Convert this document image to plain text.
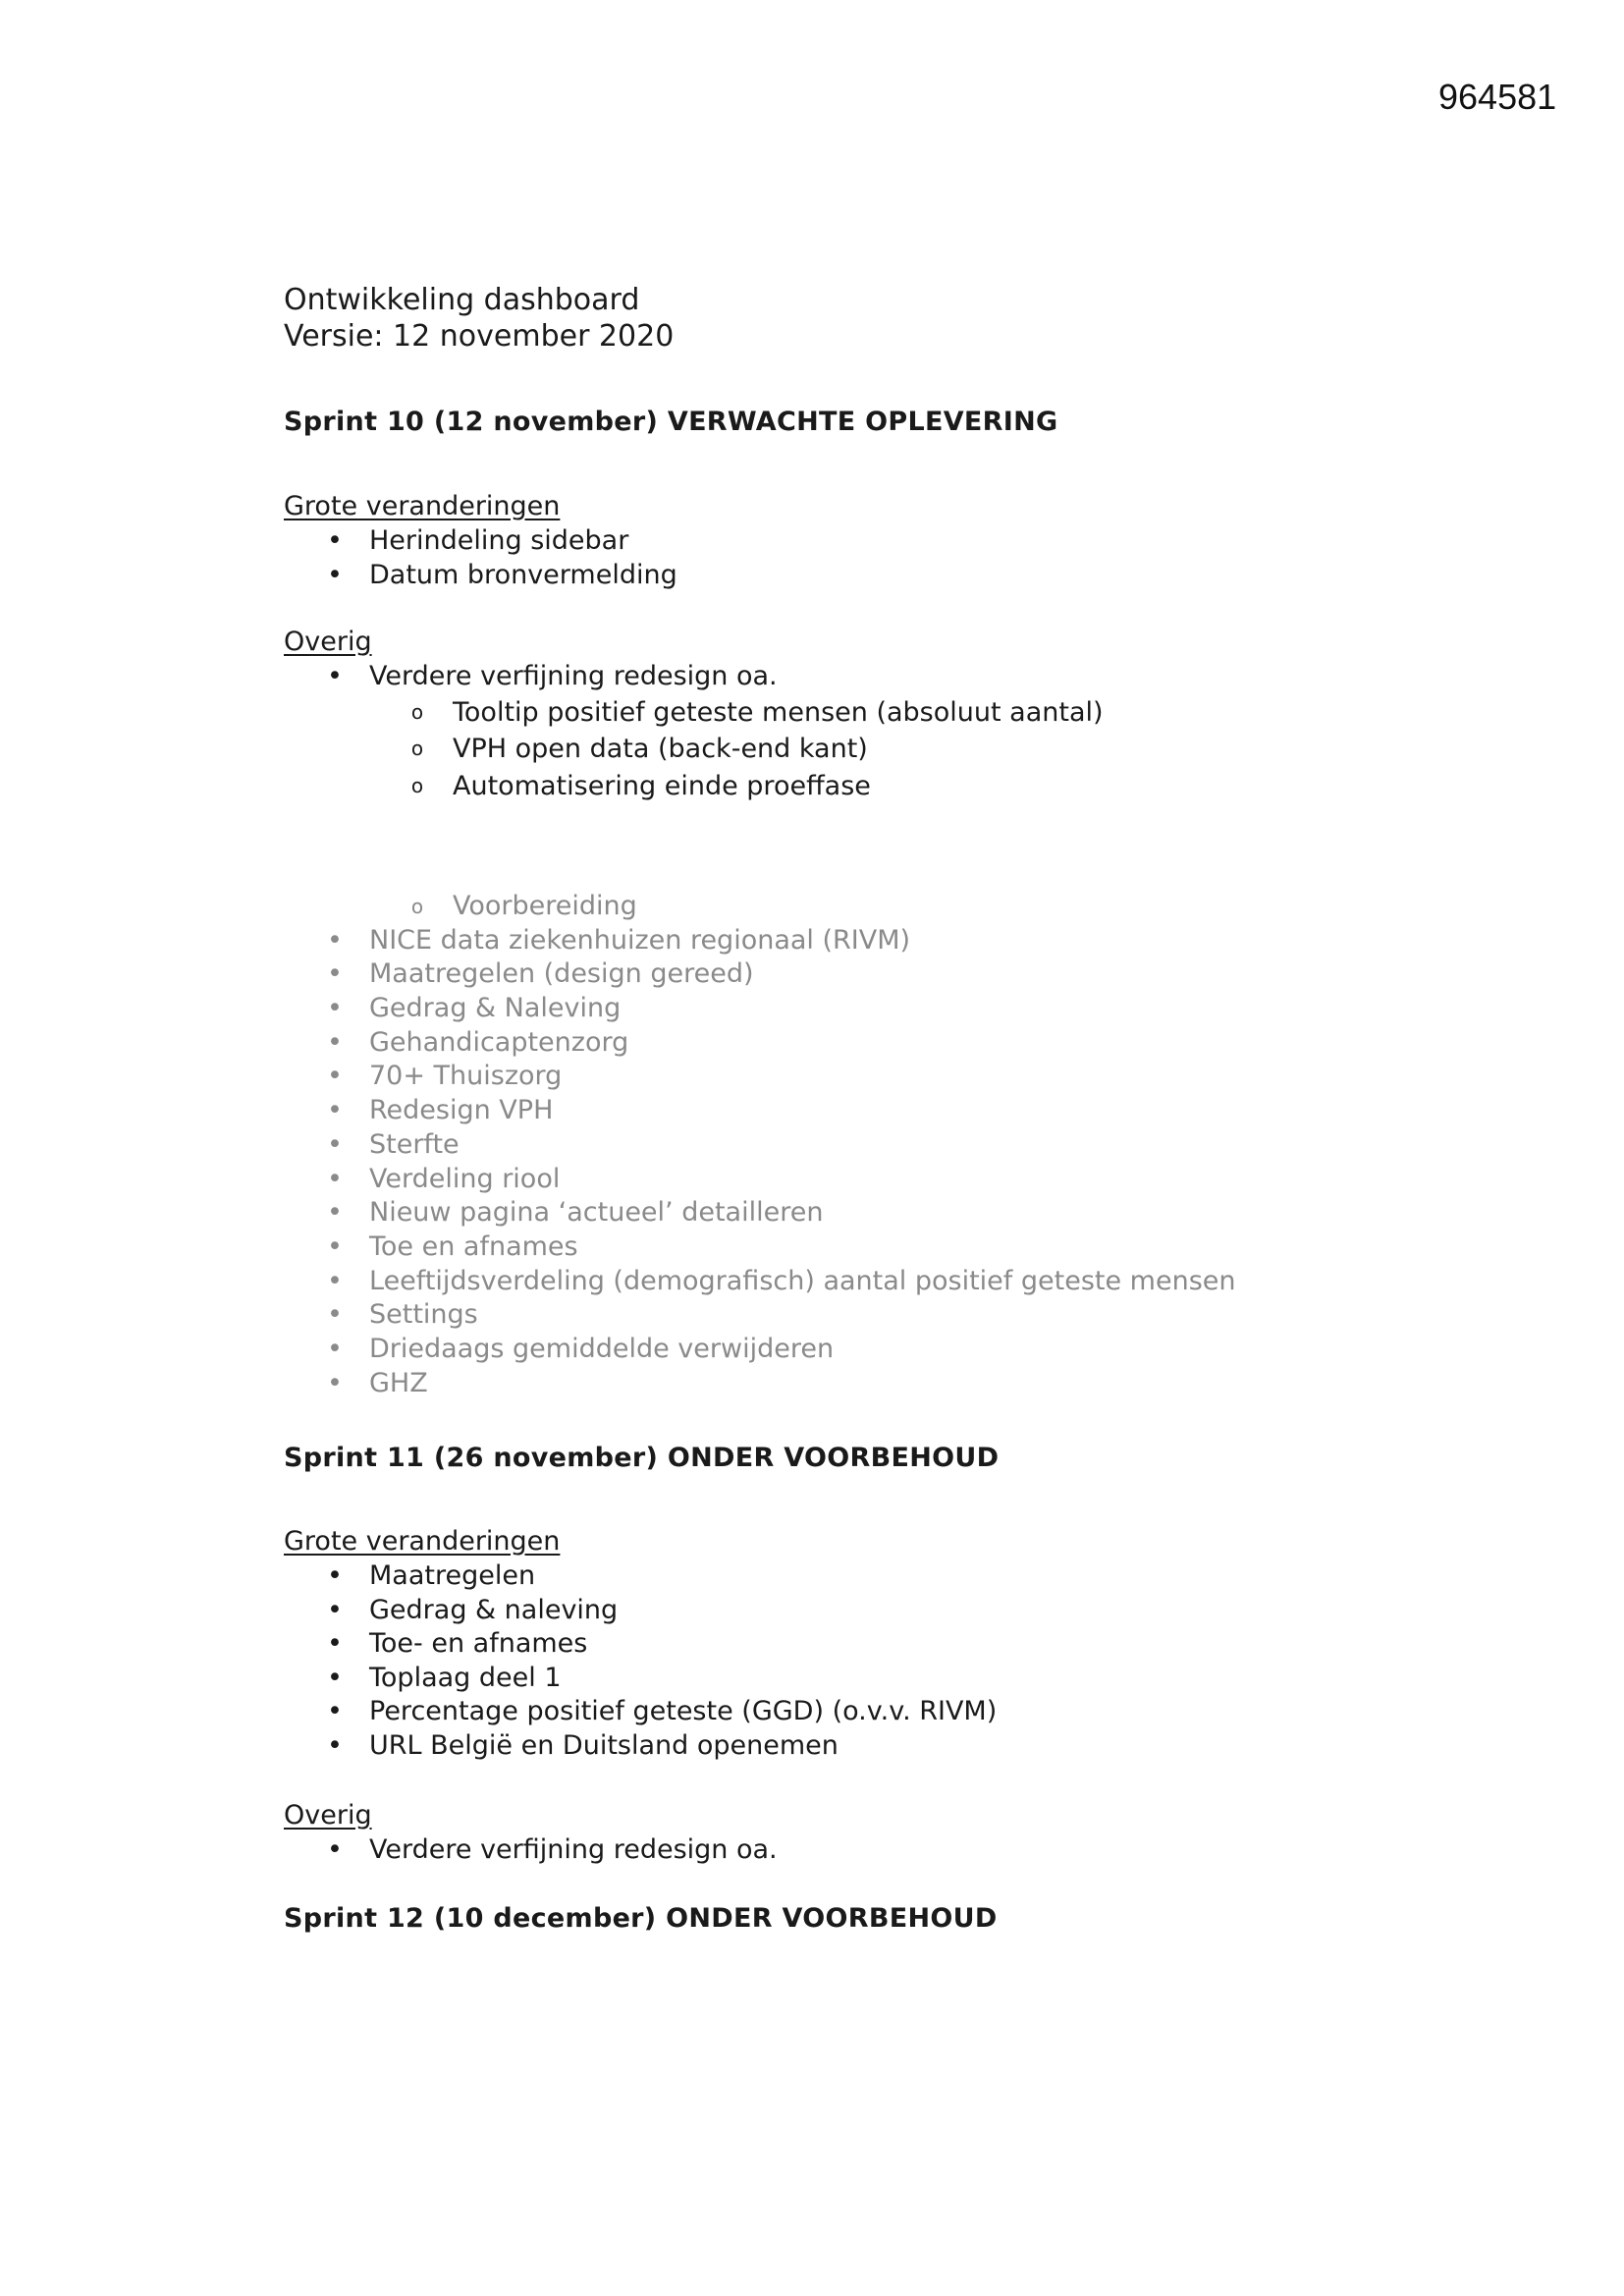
964581
Ontwikkeling dashboard
Versie: 12 november 2020
Sprint 10 (12 november) VERWACHTE OPLEVERING
Grote veranderingen
• Herindeling sidebar
• Datum bronvermelding
Overig
• Verdere verfijning redesign oa.
o Tooltip positief geteste mensen (absoluut aantal)
o VPH open data (back-end kant)
o Automatisering einde proeffase
o Voorbereiding
• NICE data ziekenhuizen regionaal (RIVM)
• Maatregelen (design gereed)
• Gedrag & Naleving
• Gehandicaptenzorg
• 70+ Thuiszorg
• Redesign VPH
• Sterfte
• Verdeling riool
• Nieuw pagina ‘actueel’ detailleren
• Toe en afnames
• Leeftijdsverdeling (demografisch) aantal positief geteste mensen
• Settings
• Driedaags gemiddelde verwijderen
• GHZ
Sprint 11 (26 november) ONDER VOORBEHOUD
Grote veranderingen
• Maatregelen
• Gedrag & naleving
• Toe- en afnames
• Toplaag deel 1
• Percentage positief geteste (GGD) (o.v.v. RIVM)
• URL België en Duitsland openemen
Overig
• Verdere verfijning redesign oa.
Sprint 12 (10 december) ONDER VOORBEHOUD
